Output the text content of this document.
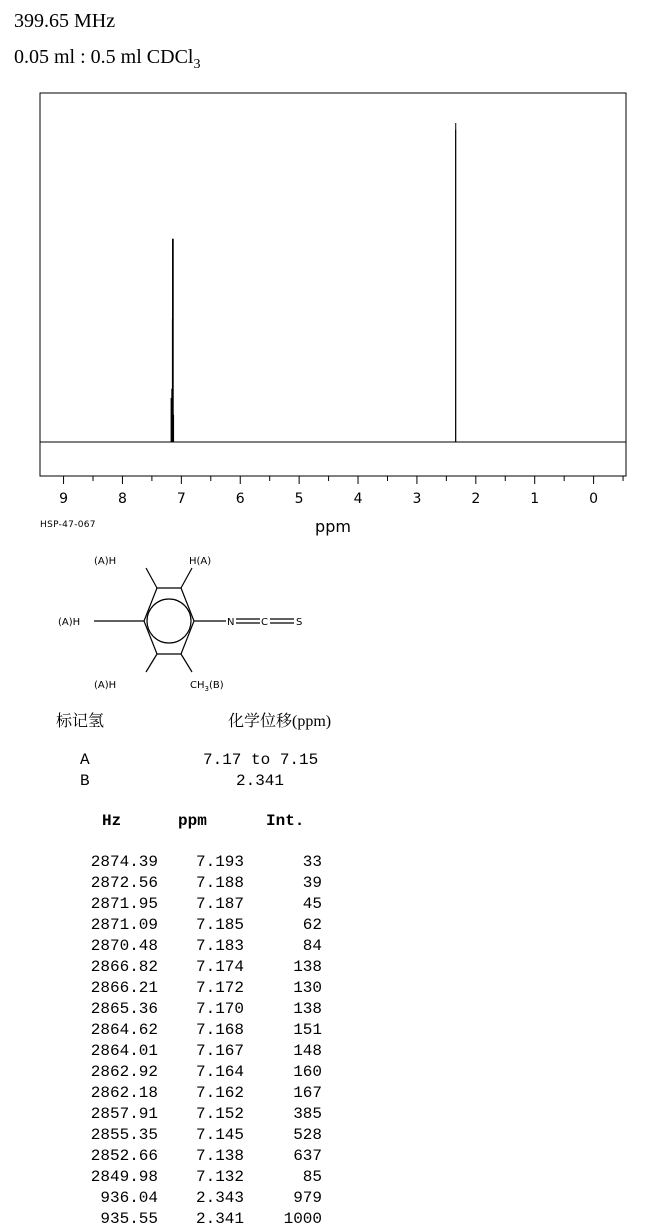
399.65 MHz
0.05 ml : 0.5 ml CDCl$_3$
9	8	7	6	5	4	3	2	1	0
ppm
HSP-47-067
(A)H	H(A)
(A)H
(A)H	$CH_3(B)$
N	C	S
标记氢	化学位移(ppm)
A	7.17 to 7.15
B	2.341
Hz	ppm	Int.
2874.39	7.193	33
2872.56	7.188	39
2871.95	7.187	45
2871.09	7.185	62
2870.48	7.183	84
2866.82	7.174	138
2866.21	7.172	130
2865.36	7.170	138
2864.62	7.168	151
2864.01	7.167	148
2862.92	7.164	160
2862.18	7.162	167
2857.91	7.152	385
2855.35	7.145	528
2852.66	7.138	637
2849.98	7.132	85
936.04	2.343	979
935.55	2.341	1000
